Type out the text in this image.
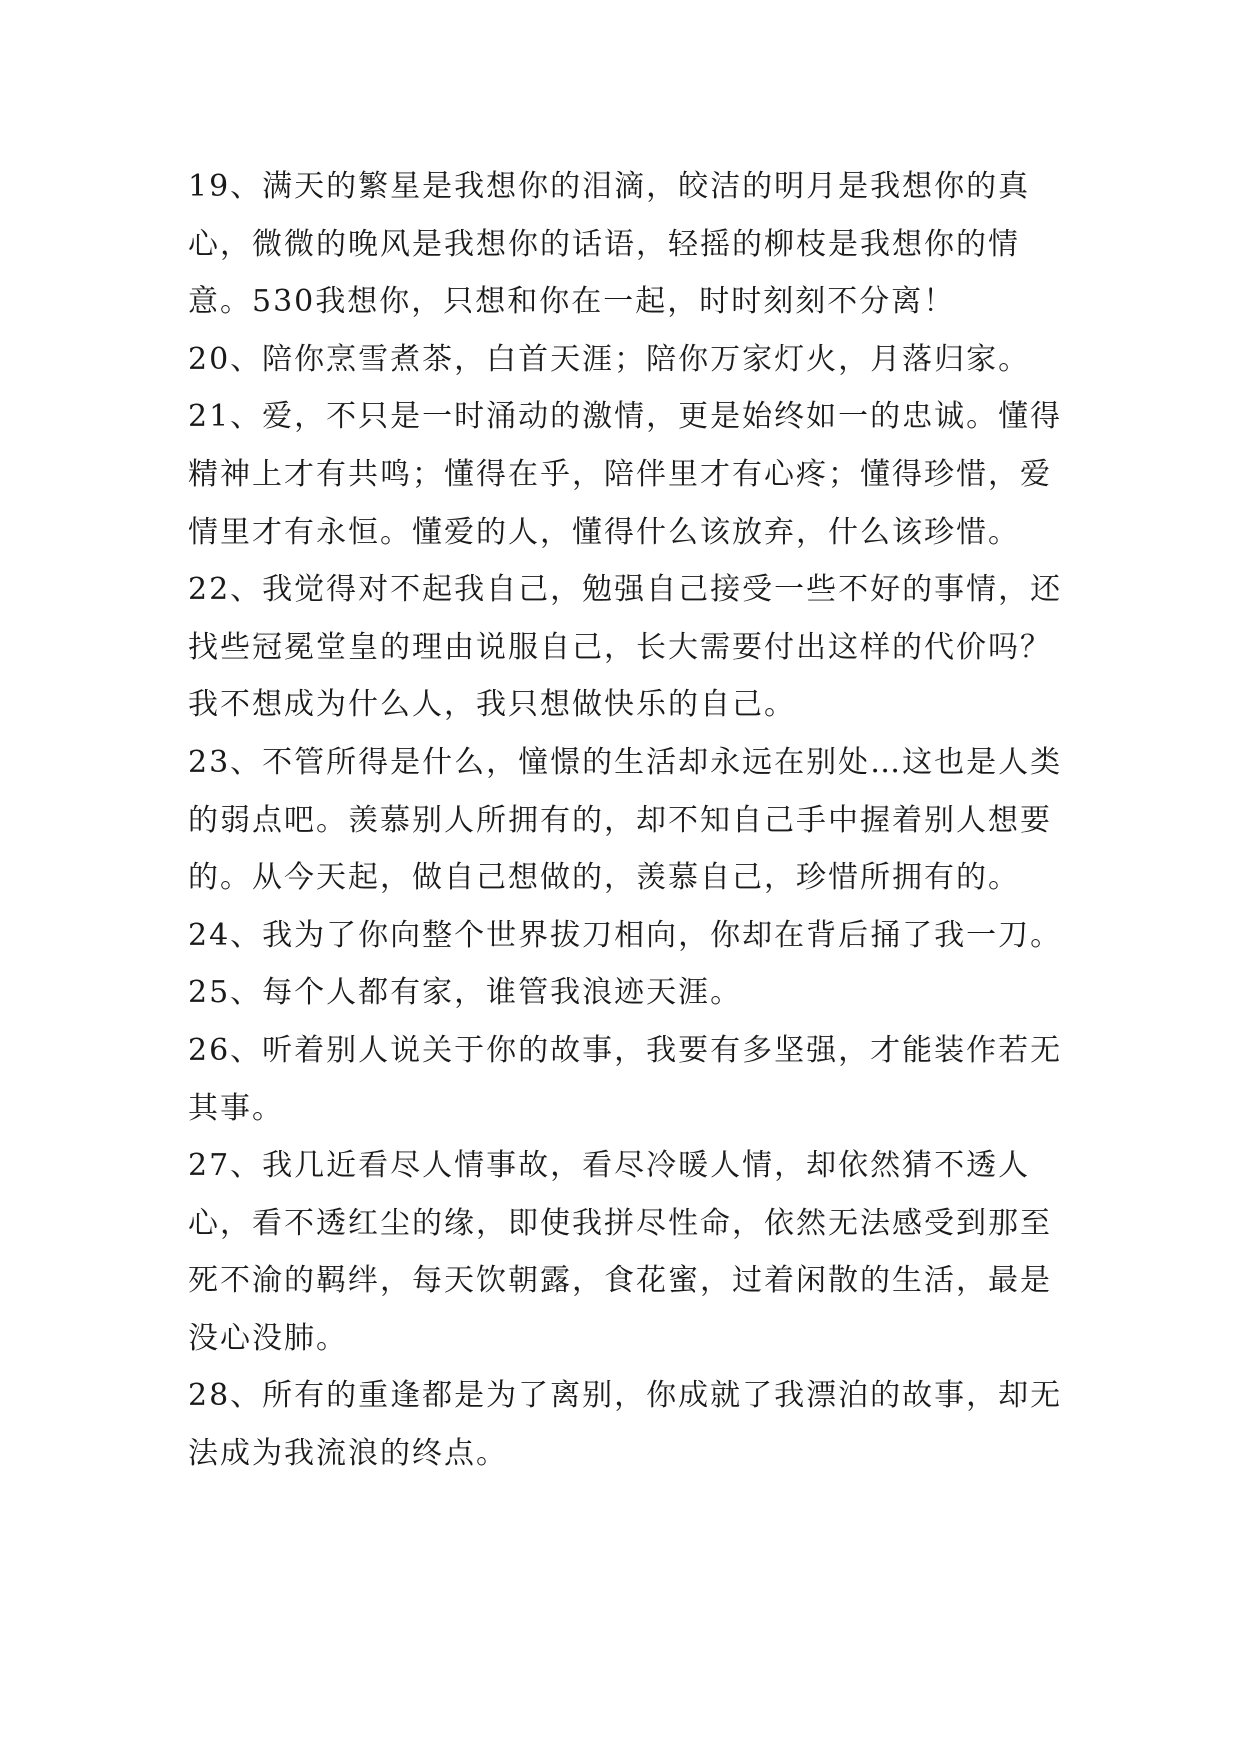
19、满天的繁星是我想你的泪滴，皎洁的明月是我想你的真心，微微的晚风是我想你的话语，轻摇的柳枝是我想你的情意。530我想你，只想和你在一起，时时刻刻不分离！

20、陪你烹雪煮茶，白首天涯；陪你万家灯火，月落归家。

21、爱，不只是一时涌动的激情，更是始终如一的忠诚。懂得精神上才有共鸣；懂得在乎，陪伴里才有心疼；懂得珍惜，爱情里才有永恒。懂爱的人，懂得什么该放弃，什么该珍惜。

22、我觉得对不起我自己，勉强自己接受一些不好的事情，还找些冠冕堂皇的理由说服自己，长大需要付出这样的代价吗？我不想成为什么人，我只想做快乐的自己。

23、不管所得是什么，憧憬的生活却永远在别处…这也是人类的弱点吧。羡慕别人所拥有的，却不知自己手中握着别人想要的。从今天起，做自己想做的，羡慕自己，珍惜所拥有的。

24、我为了你向整个世界拔刀相向，你却在背后捅了我一刀。

25、每个人都有家，谁管我浪迹天涯。

26、听着别人说关于你的故事，我要有多坚强，才能装作若无其事。

27、我几近看尽人情事故，看尽冷暖人情，却依然猜不透人心，看不透红尘的缘，即使我拼尽性命，依然无法感受到那至死不渝的羁绊，每天饮朝露，食花蜜，过着闲散的生活，最是没心没肺。

28、所有的重逢都是为了离别，你成就了我漂泊的故事，却无法成为我流浪的终点。
